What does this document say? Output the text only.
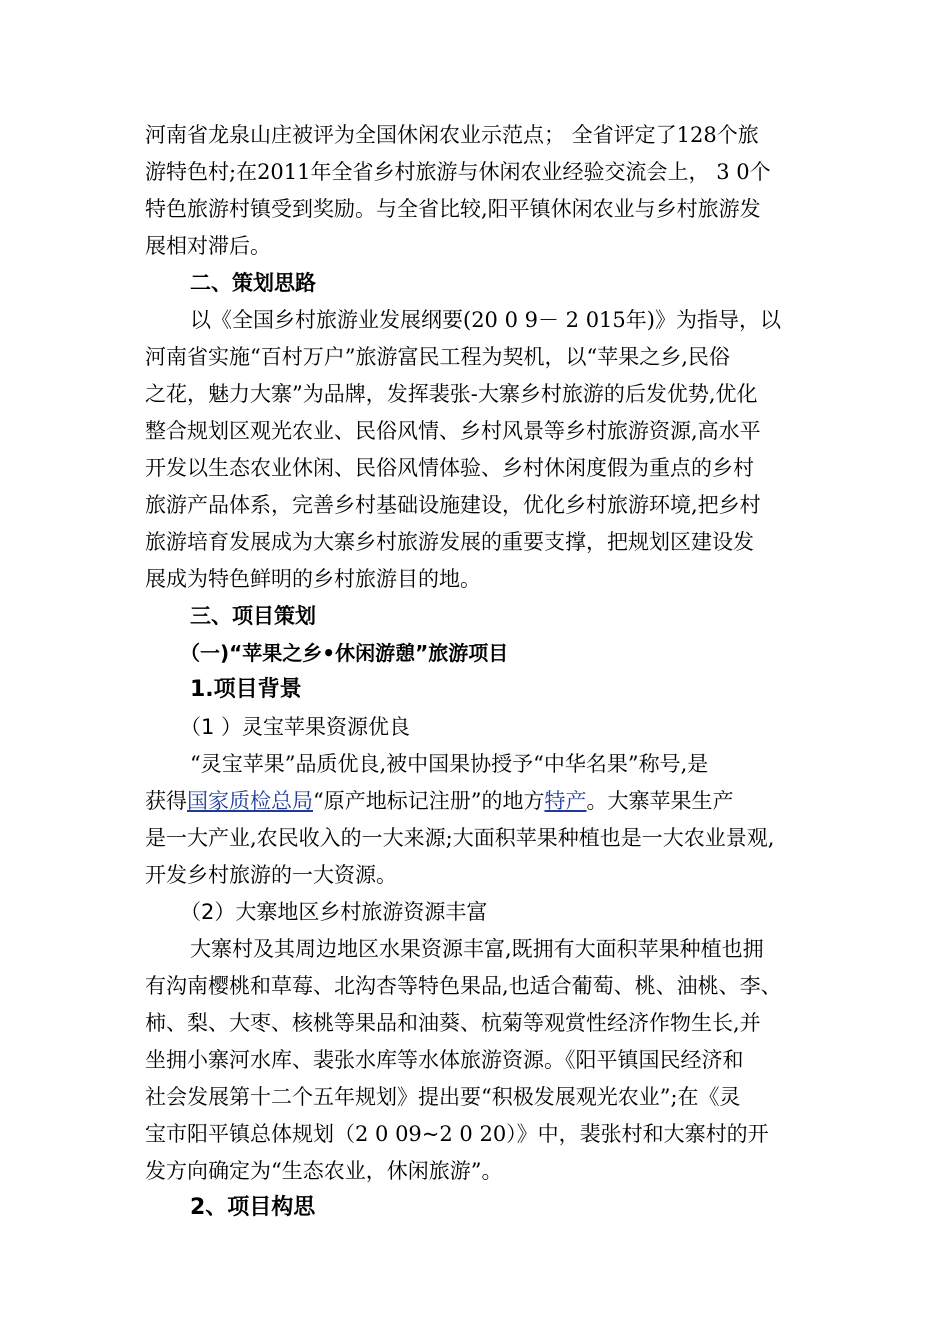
河南省龙泉山庄被评为全国休闲农业示范点； 全省评定了128个旅
游特色村;在2011年全省乡村旅游与休闲农业经验交流会上， 3 0个
特色旅游村镇受到奖励。与全省比较,阳平镇休闲农业与乡村旅游发
展相对滞后。
二、策划思路
以《全国乡村旅游业发展纲要(20 0 9－ 2 015年)》为指导，以
河南省实施“百村万户”旅游富民工程为契机，以“苹果之乡,民俗
之花，魅力大寨”为品牌，发挥裴张-大寨乡村旅游的后发优势,优化
整合规划区观光农业、民俗风情、乡村风景等乡村旅游资源,高水平
开发以生态农业休闲、民俗风情体验、乡村休闲度假为重点的乡村
旅游产品体系，完善乡村基础设施建设，优化乡村旅游环境,把乡村
旅游培育发展成为大寨乡村旅游发展的重要支撑，把规划区建设发
展成为特色鲜明的乡村旅游目的地。
三、项目策划
（一)“苹果之乡•休闲游憩”旅游项目
1.项目背景
（1 ）灵宝苹果资源优良
“灵宝苹果”品质优良,被中国果协授予“中华名果”称号,是
获得国家质检总局“原产地标记注册”的地方特产。大寨苹果生产
是一大产业,农民收入的一大来源;大面积苹果种植也是一大农业景观,
开发乡村旅游的一大资源。
（2）大寨地区乡村旅游资源丰富
大寨村及其周边地区水果资源丰富,既拥有大面积苹果种植也拥
有沟南樱桃和草莓、北沟杏等特色果品,也适合葡萄、桃、油桃、李、
柿、梨、大枣、核桃等果品和油葵、杭菊等观赏性经济作物生长,并
坐拥小寨河水库、裴张水库等水体旅游资源。《阳平镇国民经济和
社会发展第十二个五年规划》提出要“积极发展观光农业”;在《灵
宝市阳平镇总体规划（2 0 09~2 0 20）》中，裴张村和大寨村的开
发方向确定为“生态农业，休闲旅游”。
2、项目构思
